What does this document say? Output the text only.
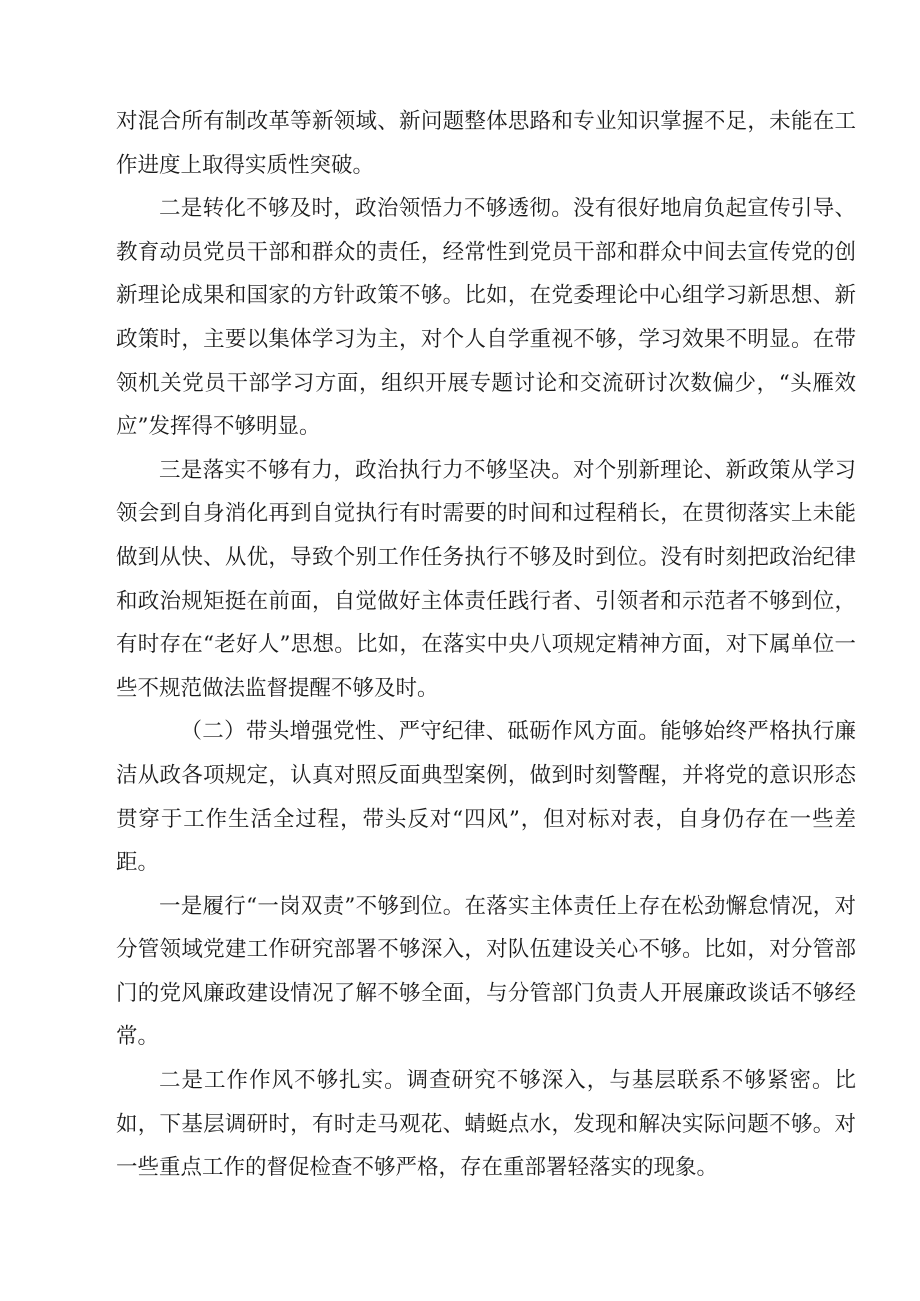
对混合所有制改革等新领域、新问题整体思路和专业知识掌握不足，未能在工作进度上取得实质性突破。

二是转化不够及时，政治领悟力不够透彻。没有很好地肩负起宣传引导、教育动员党员干部和群众的责任，经常性到党员干部和群众中间去宣传党的创新理论成果和国家的方针政策不够。比如，在党委理论中心组学习新思想、新政策时，主要以集体学习为主，对个人自学重视不够，学习效果不明显。在带领机关党员干部学习方面，组织开展专题讨论和交流研讨次数偏少，“头雁效应”发挥得不够明显。

三是落实不够有力，政治执行力不够坚决。对个别新理论、新政策从学习领会到自身消化再到自觉执行有时需要的时间和过程稍长，在贯彻落实上未能做到从快、从优，导致个别工作任务执行不够及时到位。没有时刻把政治纪律和政治规矩挺在前面，自觉做好主体责任践行者、引领者和示范者不够到位，有时存在“老好人”思想。比如，在落实中央八项规定精神方面，对下属单位一些不规范做法监督提醒不够及时。

（二）带头增强党性、严守纪律、砥砺作风方面。能够始终严格执行廉洁从政各项规定，认真对照反面典型案例，做到时刻警醒，并将党的意识形态贯穿于工作生活全过程，带头反对“四风”，但对标对表，自身仍存在一些差距。

一是履行“一岗双责”不够到位。在落实主体责任上存在松劲懈怠情况，对分管领域党建工作研究部署不够深入，对队伍建设关心不够。比如，对分管部门的党风廉政建设情况了解不够全面，与分管部门负责人开展廉政谈话不够经常。

二是工作作风不够扎实。调查研究不够深入，与基层联系不够紧密。比如，下基层调研时，有时走马观花、蜻蜓点水，发现和解决实际问题不够。对一些重点工作的督促检查不够严格，存在重部署轻落实的现象。
